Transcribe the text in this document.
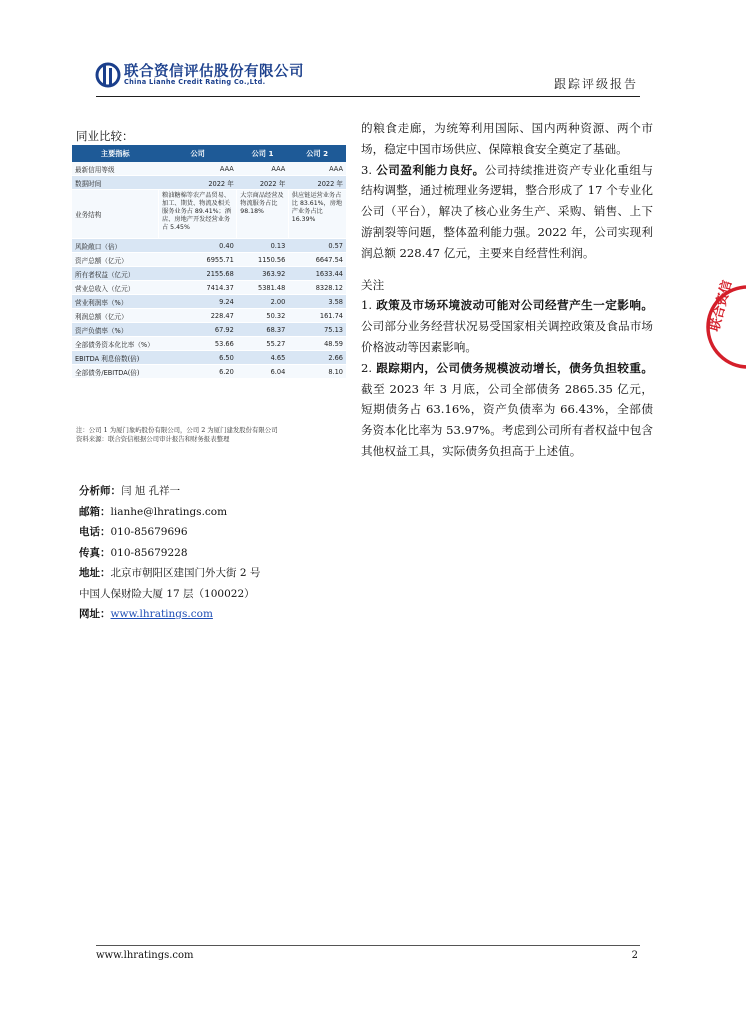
联合资信评估股份有限公司
China Lianhe Credit Rating Co.,Ltd.	跟踪评级报告
同业比较：
主要指标	公司	公司 1	公司 2
最新信用等级	AAA	AAA	AAA
数据时间	2022 年	2022 年	2022 年
业务结构	粮油糖棉等农产品贸易、加工、期货、物流及相关服务业务占 89.41%；酒店、房地产开发经营业务占 5.45%	大宗商品经营及物流服务占比 98.18%	供应链运营业务占比 83.61%，房地产业务占比 16.39%
风险敞口（倍）	0.40	0.13	0.57
资产总额（亿元）	6955.71	1150.56	6647.54
所有者权益（亿元）	2155.68	363.92	1633.44
营业总收入（亿元）	7414.37	5381.48	8328.12
营业利润率（%）	9.24	2.00	3.58
利润总额（亿元）	228.47	50.32	161.74
资产负债率（%）	67.92	68.37	75.13
全部债务资本化比率（%）	53.66	55.27	48.59
EBITDA 利息倍数(倍)	6.50	4.65	2.66
全部债务/EBITDA(倍)	6.20	6.04	8.10
注：公司 1 为厦门象屿股份有限公司，公司 2 为厦门建发股份有限公司
资料来源：联合资信根据公司审计报告和财务报表整理
分析师：闫 旭 孔祥一
邮箱：lianhe@lhratings.com
电话：010-85679696
传真：010-85679228
地址：北京市朝阳区建国门外大街 2 号
中国人保财险大厦 17 层（100022）
网址：www.lhratings.com

的粮食走廊，为统筹利用国际、国内两种资源、两个市场，稳定中国市场供应、保障粮食安全奠定了基础。

3. 公司盈利能力良好。公司持续推进资产专业化重组与结构调整，通过梳理业务逻辑，整合形成了 17 个专业化公司（平台），解决了核心业务生产、采购、销售、上下游割裂等问题，整体盈利能力强。2022 年，公司实现利润总额 228.47 亿元，主要来自经营性利润。

关注

1. 政策及市场环境波动可能对公司经营产生一定影响。公司部分业务经营状况易受国家相关调控政策及食品市场价格波动等因素影响。

2. 跟踪期内，公司债务规模波动增长，债务负担较重。截至 2023 年 3 月底，公司全部债务 2865.35 亿元，短期债务占 63.16%，资产负债率为 66.43%，全部债务资本化比率为 53.97%。考虑到公司所有者权益中包含其他权益工具，实际债务负担高于上述值。

联合资信
www.lhratings.com	2
